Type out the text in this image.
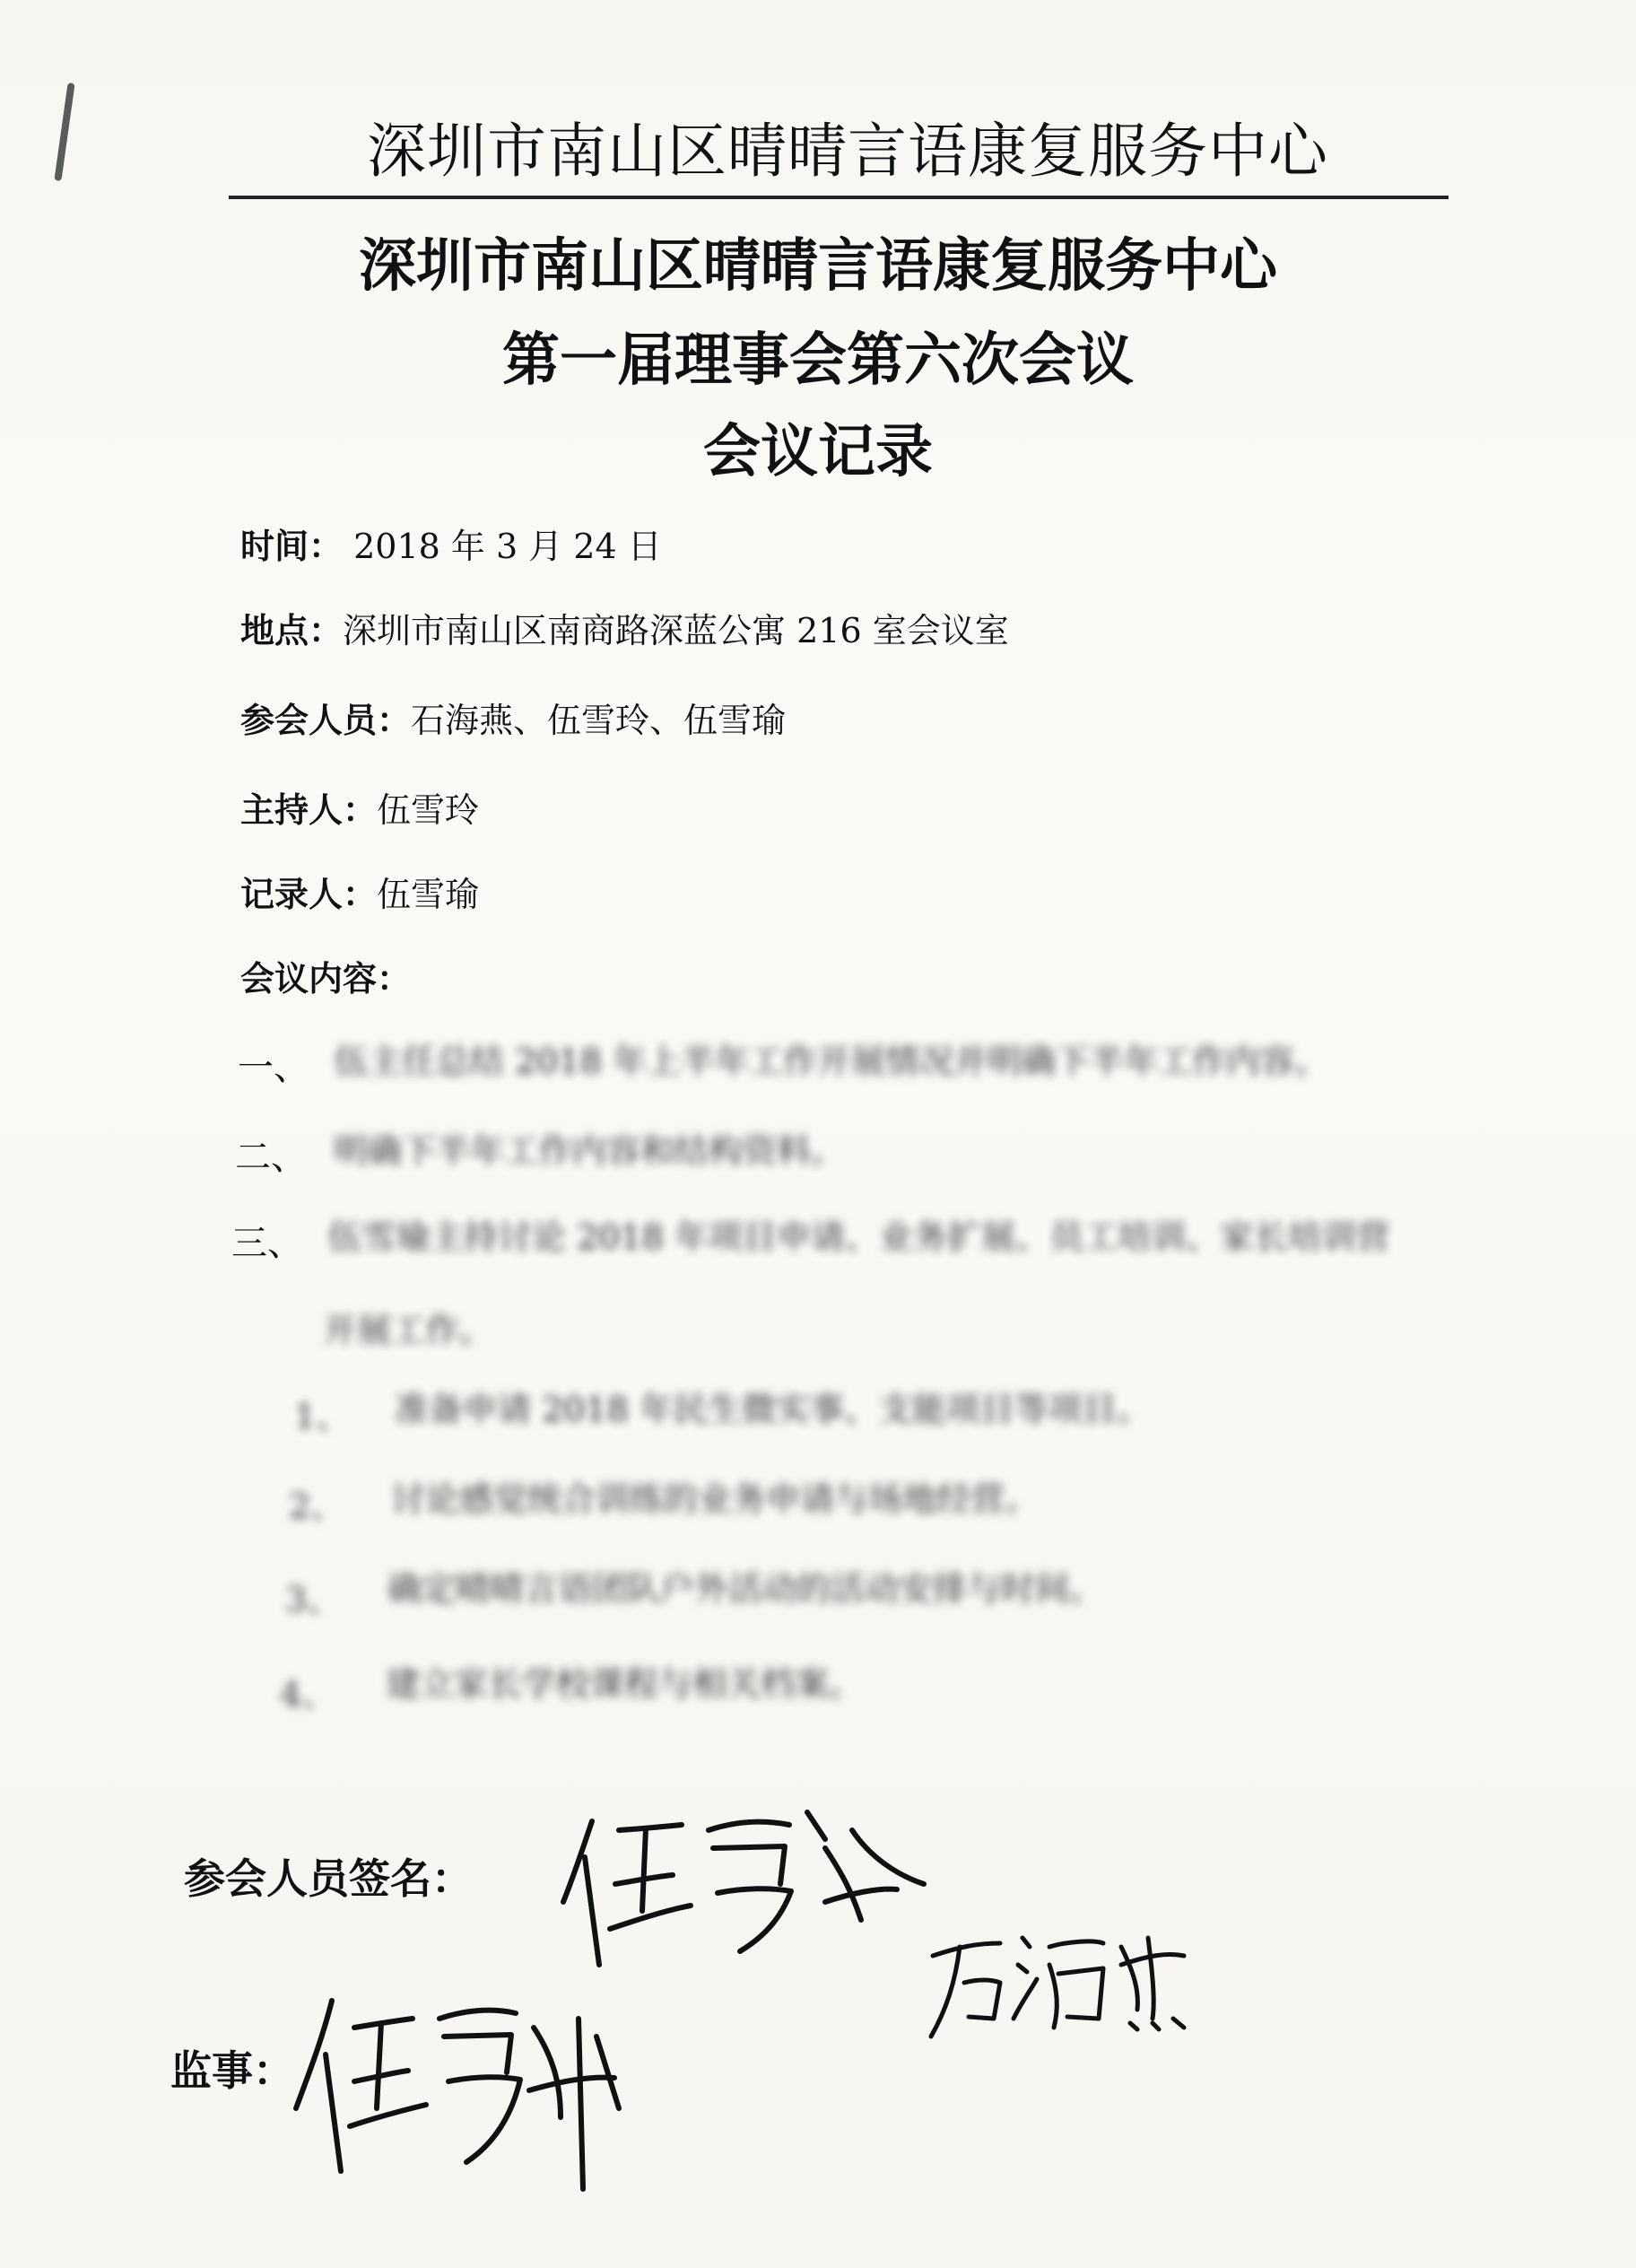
深圳市南山区晴晴言语康复服务中心
深圳市南山区晴晴言语康复服务中心
第一届理事会第六次会议
会议记录
时间： 2018 年 3 月 24 日
地点：深圳市南山区南商路深蓝公寓 216 室会议室
参会人员：石海燕、伍雪玲、伍雪瑜
主持人：伍雪玲
记录人：伍雪瑜
会议内容：
一、 伍主任总结 2018 年上半年工作开展情况并明确下半年工作内容。
二、 明确下半年工作内容和结构资料。
三、 伍雪瑜主持讨论 2018 年项目申请、业务扩展、员工培训、家长培训营
开展工作。
1、 准备申请 2018 年民生微实事、支能项目等项目。
2、 讨论感觉统合训练的业务申请与场地经营。
3、 确定晴晴言语团队户外活动的活动安排与时间。
4、 建立家长学校课程与相关档案。
参会人员签名：
监事：
